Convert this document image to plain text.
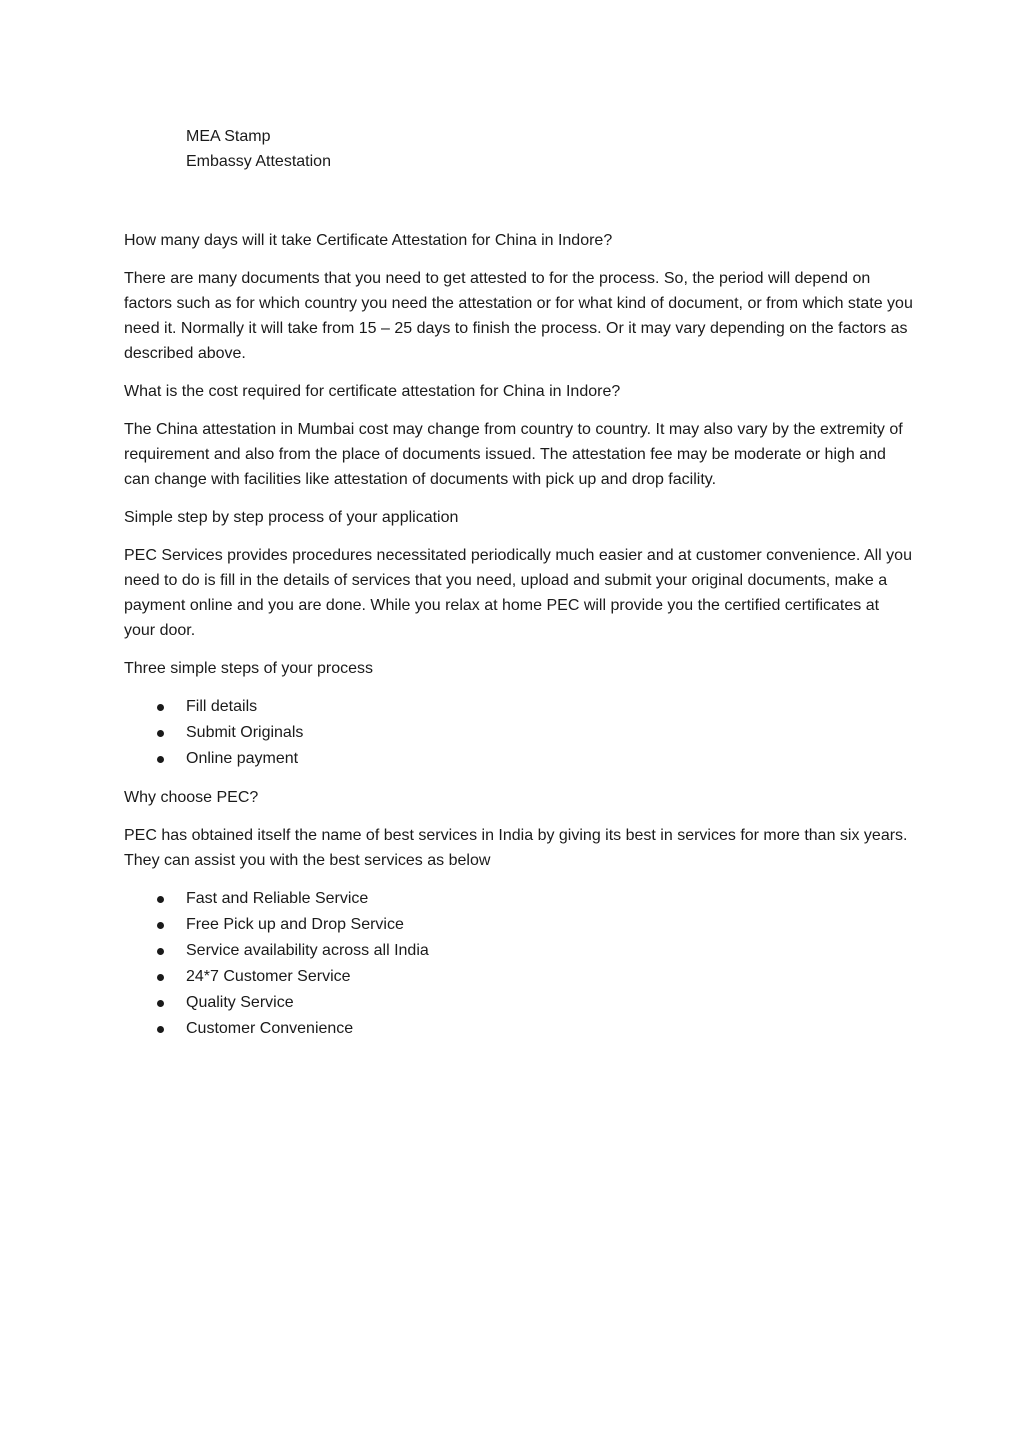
MEA Stamp
Embassy Attestation

How many days will it take Certificate Attestation for China in Indore?

There are many documents that you need to get attested to for the process. So, the period will depend on factors such as for which country you need the attestation or for what kind of document, or from which state you need it. Normally it will take from 15 – 25 days to finish the process. Or it may vary depending on the factors as described above.

What is the cost required for certificate attestation for China in Indore?

The China attestation in Mumbai cost may change from country to country. It may also vary by the extremity of requirement and also from the place of documents issued. The attestation fee may be moderate or high and can change with facilities like attestation of documents with pick up and drop facility.

Simple step by step process of your application

PEC Services provides procedures necessitated periodically much easier and at customer convenience. All you need to do is fill in the details of services that you need, upload and submit your original documents, make a payment online and you are done. While you relax at home PEC will provide you the certified certificates at your door.

Three simple steps of your process

Fill details
Submit Originals
Online payment

Why choose PEC?

PEC has obtained itself the name of best services in India by giving its best in services for more than six years. They can assist you with the best services as below

Fast and Reliable Service
Free Pick up and Drop Service
Service availability across all India
24*7 Customer Service
Quality Service
Customer Convenience
